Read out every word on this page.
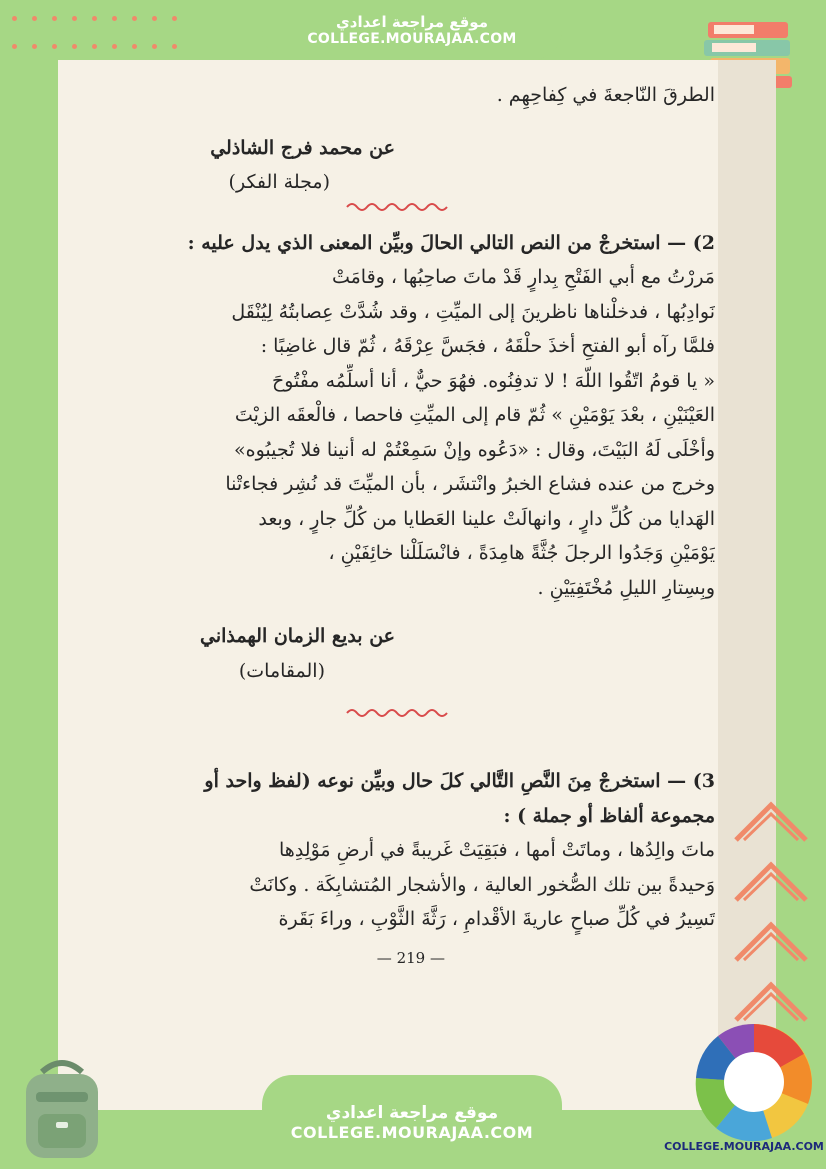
موقع مراجعة اعدادي
COLLEGE.MOURAJAA.COM
الطرقَ النّاجعةَ في كِفاحِهِم .
عن محمد فرج الشاذلي
(مجلة الفكر)
2) — استخرجْ من النص التالي الحالَ وبيِّن المعنى الذي يدل عليه :
مَررْتُ مع أبي الفَتْحِ بِدارٍ قَدْ ماتَ صاحِبُها ، وقامَتْ
نَوادِبُها ، فدخلْناها ناظرينَ إلى الميِّتِ ، وقد شُدَّتْ عِصابتُهُ لِيُنْقَل
فلمَّا رآه أبو الفتحِ أخذَ حلْقَهُ ، فجَسَّ عِرْقَهُ ، ثُمّ قال غاضِبًا :
« يا قومُ اتّقُوا اللّهَ ! لا تدفِنُوه. فهُوَ حيٌّ ، أنا أسلِّمُه مفْتُوحَ
العَيْنَيْنِ ، بعْدَ يَوْمَيْنِ » ثُمّ قام إلى الميِّتِ فاحصا ، فالْعقَه الزيْتَ
وأخْلَى لَهُ البَيْتَ، وقال : «دَعُوه وإنْ سَمِعْتُمْ له أنينا فلا تُجيبُوه»
وخرج من عنده فشاع الخبرُ وانْتشَر ، بأن الميِّتَ قد نُشِر فجاءتْنا
الهَدايا من كُلِّ دارٍ ، وانهالَتْ علينا العَطايا من كُلِّ جارٍ ، وبعد
يَوْمَيْنِ وَجَدُوا الرجلَ جُثَّةً هامِدَةً ، فانْسَلَلْنا خائِفَيْنِ ،
وبِسِتارِ الليلِ مُخْتَفِيَيْنِ .
عن بديع الزمان الهمذاني
(المقامات)
3) — استخرجْ مِنَ النَّصِ التَّالي كلَ حال وبيِّن نوعه (لفظ واحد أو
مجموعة ألفاظ أو جملة ) :
ماتَ والِدُها ، وماتَتْ أمها ، فبَقِيَتْ غَريبةً في أرضِ مَوْلِدِها
وَحيدةً بين تلك الصُّخور العالية ، والأشجار المُتشابِكَة . وكانَتْ
تَسِيرُ في كُلِّ صباحٍ عاريةَ الأقْدامِ ، رَثَّةَ الثَّوْبِ ، وراءَ بَقَرة
— 219 —
موقع مراجعة اعدادي
COLLEGE.MOURAJAA.COM
COLLEGE.MOURAJAA.COM
